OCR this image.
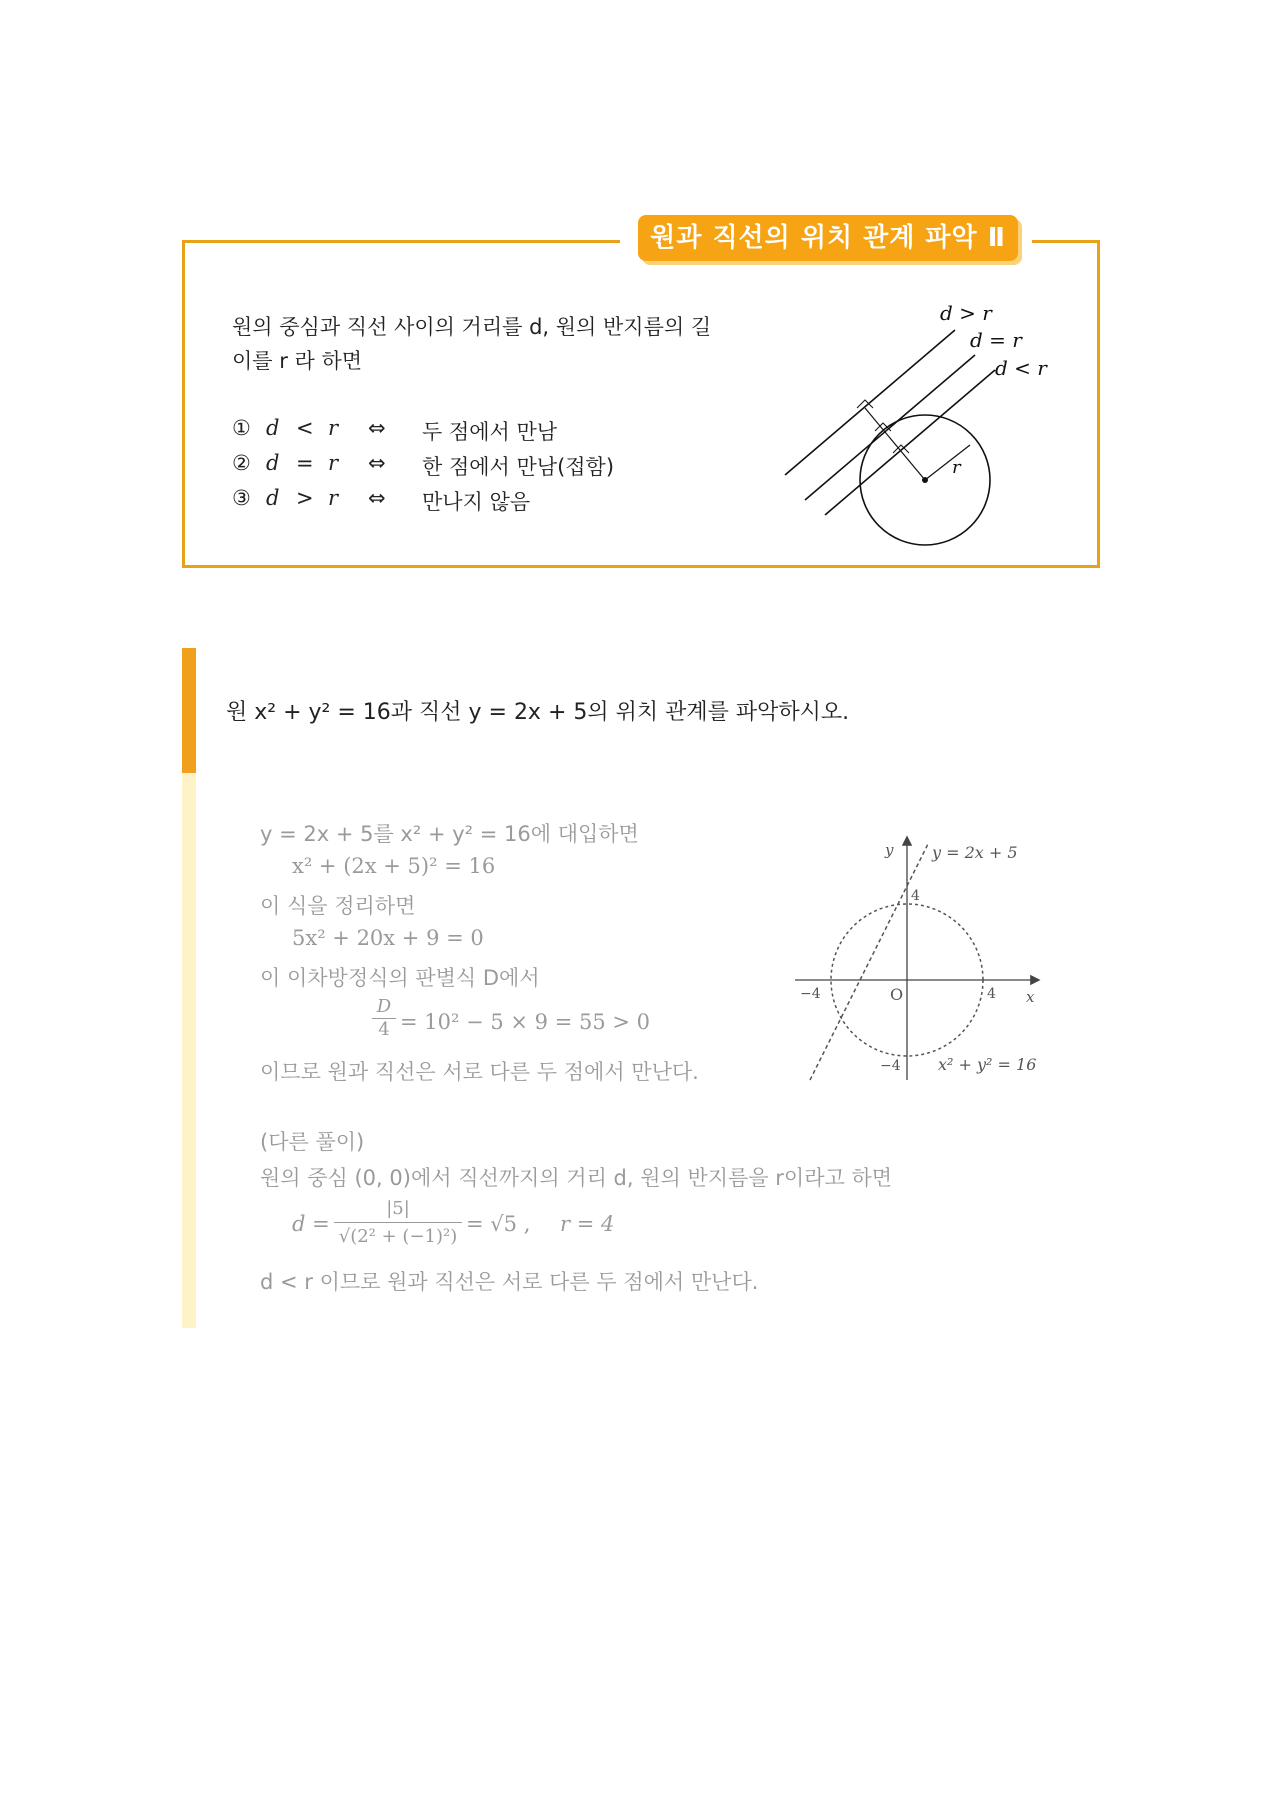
원과 직선의 위치 관계 파악 Ⅱ
원의 중심과 직선 사이의 거리를 d, 원의 반지름의 길
이를 r 라 하면
① d < r ⇔ 두 점에서 만남
② d = r ⇔ 한 점에서 만남(접함)
③ d > r ⇔ 만나지 않음
d > r
d = r
d < r
r
원 x² + y² = 16과 직선 y = 2x + 5의 위치 관계를 파악하시오.
y = 2x + 5를 x² + y² = 16에 대입하면
x² + (2x + 5)² = 16
이 식을 정리하면
5x² + 20x + 9 = 0
이 이차방정식의 판별식 D에서
$\frac{D}{4} = 10^2 - 5 \times 9 = 55 > 0$
이므로 원과 직선은 서로 다른 두 점에서 만난다.
(다른 풀이)
원의 중심 (0, 0)에서 직선까지의 거리 d, 원의 반지름을 r이라고 하면
$d = \frac{|5|}{\text{√(2² + (−1)²)}} = √5$ , r = 4
d < r 이므로 원과 직선은 서로 다른 두 점에서 만난다.
y
x
O
4
4
−4
−4
y = 2x + 5
x² + y² = 16
